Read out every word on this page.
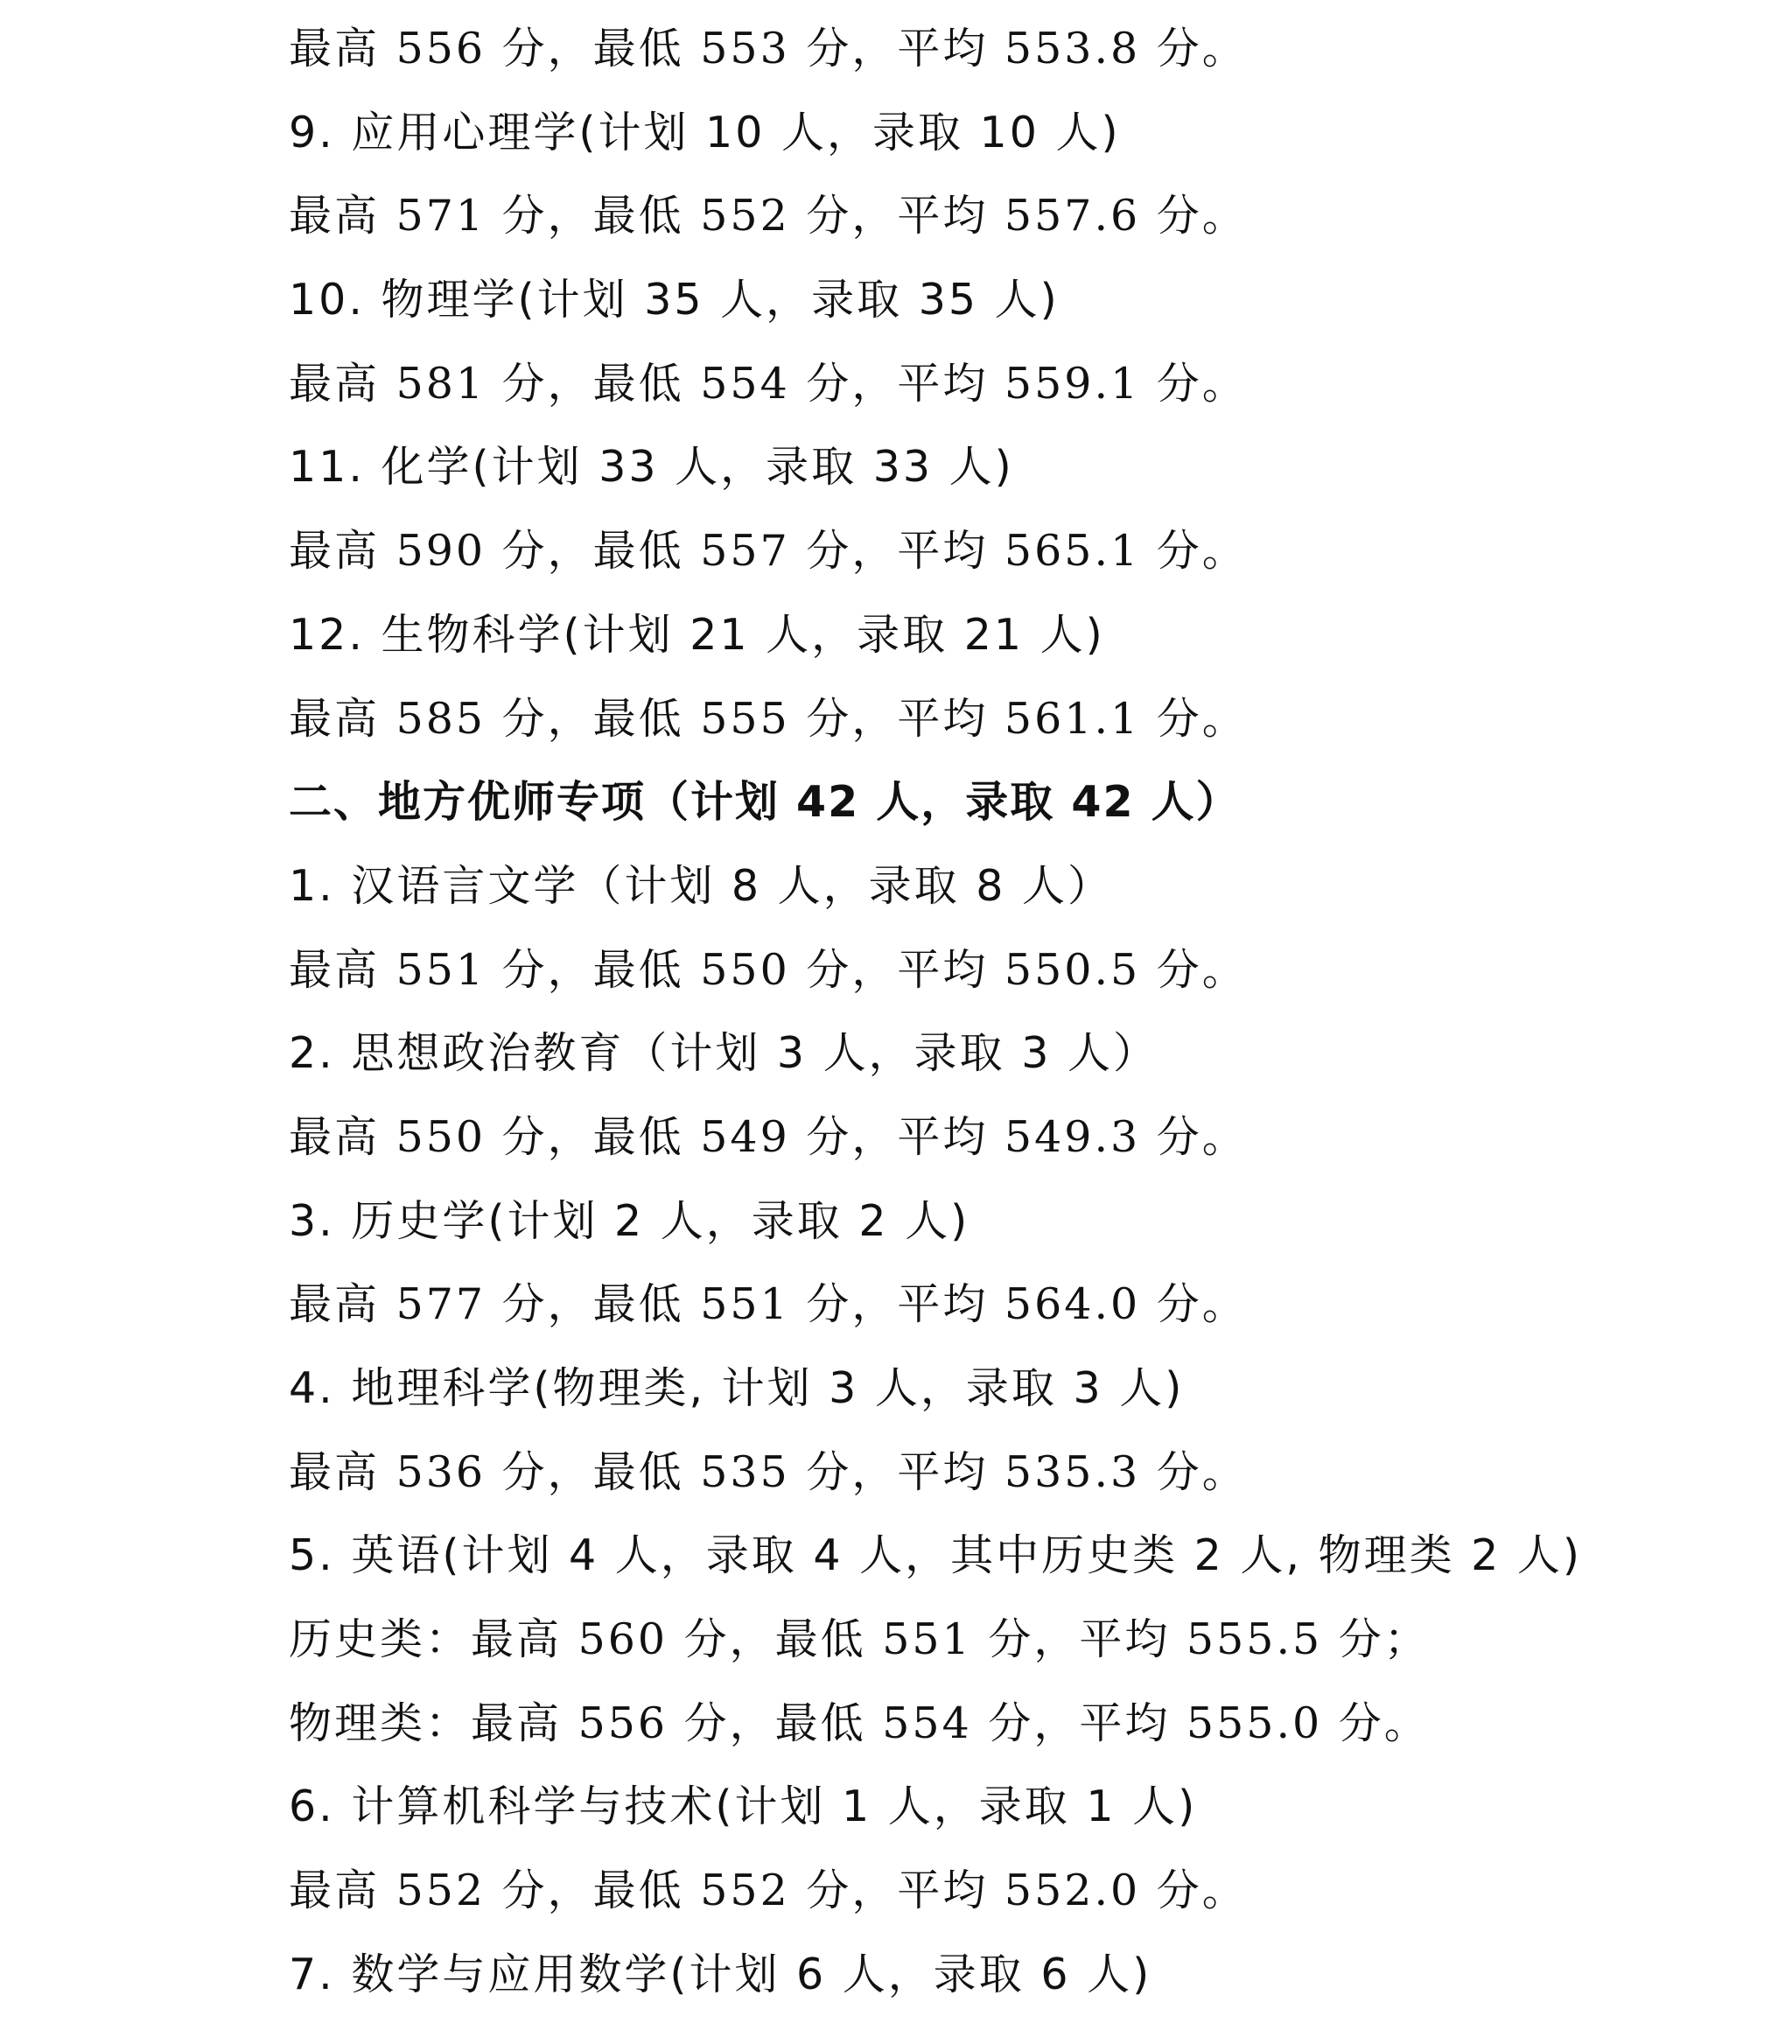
最高 556 分，最低 553 分，平均 553.8 分。
9. 应用心理学(计划 10 人，录取 10 人)
最高 571 分，最低 552 分，平均 557.6 分。
10. 物理学(计划 35 人，录取 35 人)
最高 581 分，最低 554 分，平均 559.1 分。
11. 化学(计划 33 人，录取 33 人)
最高 590 分，最低 557 分，平均 565.1 分。
12. 生物科学(计划 21 人，录取 21 人)
最高 585 分，最低 555 分，平均 561.1 分。
二、地方优师专项（计划 42 人，录取 42 人）
1. 汉语言文学（计划 8 人，录取 8 人）
最高 551 分，最低 550 分，平均 550.5 分。
2. 思想政治教育（计划 3 人，录取 3 人）
最高 550 分，最低 549 分，平均 549.3 分。
3. 历史学(计划 2 人，录取 2 人)
最高 577 分，最低 551 分，平均 564.0 分。
4. 地理科学(物理类, 计划 3 人，录取 3 人)
最高 536 分，最低 535 分，平均 535.3 分。
5. 英语(计划 4 人，录取 4 人，其中历史类 2 人, 物理类 2 人)
历史类：最高 560 分，最低 551 分，平均 555.5 分；
物理类：最高 556 分，最低 554 分，平均 555.0 分。
6. 计算机科学与技术(计划 1 人，录取 1 人)
最高 552 分，最低 552 分，平均 552.0 分。
7. 数学与应用数学(计划 6 人，录取 6 人)
